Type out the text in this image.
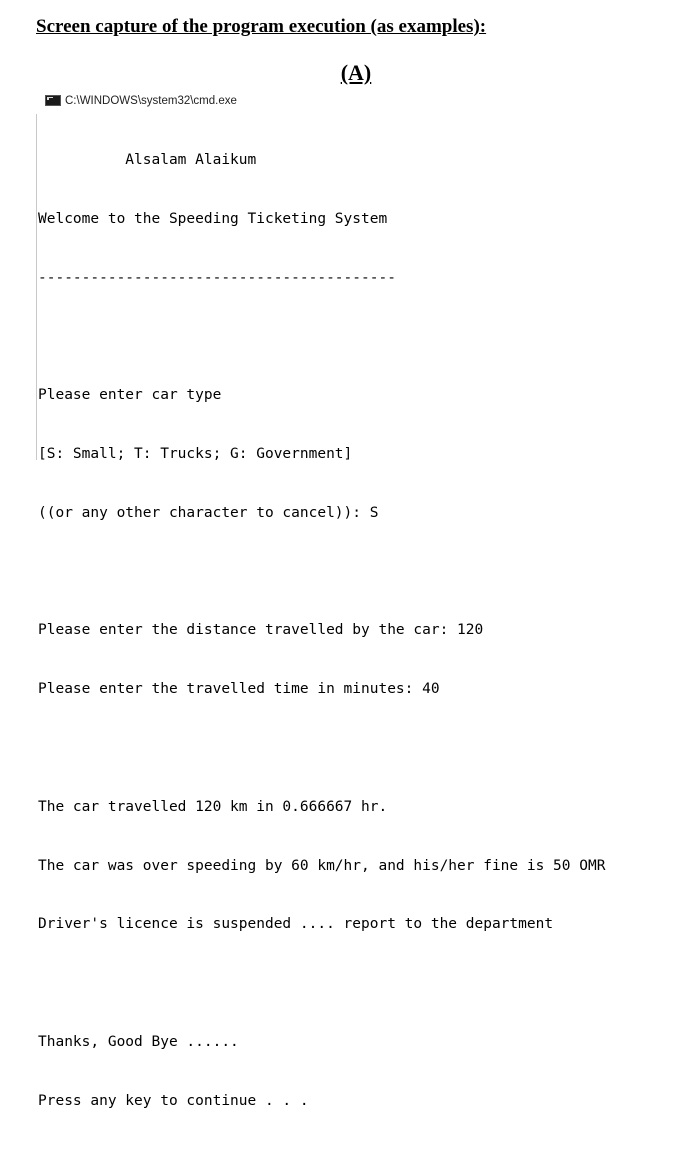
Screen capture of the program execution (as examples):
(A)
C:\WINDOWS\system32\cmd.exe

Alsalam Alaikum

Welcome to the Speeding Ticketing System

-----------------------------------------

Please enter car type

[S: Small; T: Trucks; G: Government]

((or any other character to cancel)): S

Please enter the distance travelled by the car: 120

Please enter the travelled time in minutes: 40

The car travelled 120 km in 0.666667 hr.

The car was over speeding by 60 km/hr, and his/her fine is 50 OMR

Driver's licence is suspended .... report to the department

Thanks, Good Bye ......

Press any key to continue . . .
